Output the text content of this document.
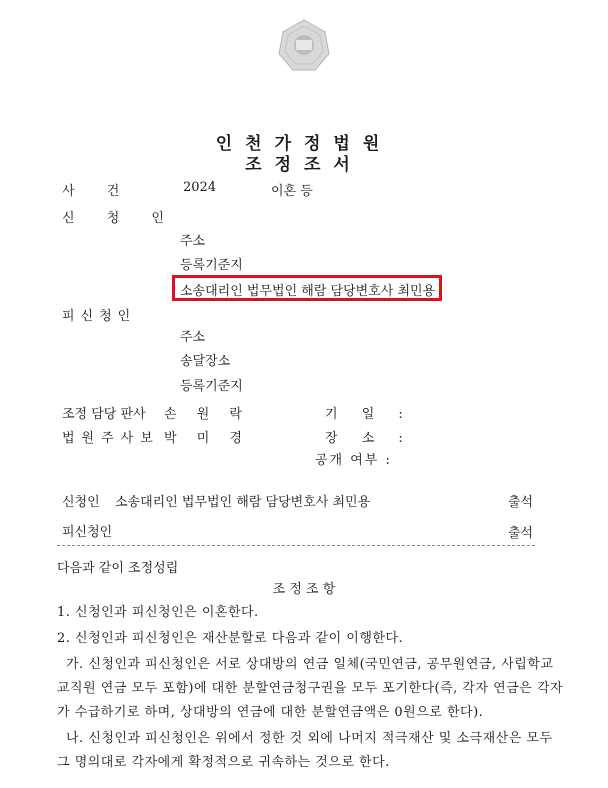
인천가정법원
조정조서
사 건	2024	이혼 등
신 청 인
주소
등록기준지
소송대리인 법무법인 해람 담당변호사 최민용
피신청인
주소
송달장소
등록기준지
조정 담당 판사 손 원 락
법원주사보 박 미 경
기 일 :
장 소 :
공개 여부 :
신청인 소송대리인 법무법인 해람 담당변호사 최민용	출석
피신청인	출석
다음과 같이 조정성립
조 정 조 항
1. 신청인과 피신청인은 이혼한다.
2. 신청인과 피신청인은 재산분할로 다음과 같이 이행한다.
가. 신청인과 피신청인은 서로 상대방의 연금 일체(국민연금, 공무원연금, 사립학교
교직원 연금 모두 포함)에 대한 분할연금청구권을 모두 포기한다(즉, 각자 연금은 각자
가 수급하기로 하며, 상대방의 연금에 대한 분할연금액은 0원으로 한다).
나. 신청인과 피신청인은 위에서 정한 것 외에 나머지 적극재산 및 소극재산은 모두
그 명의대로 각자에게 확정적으로 귀속하는 것으로 한다.
